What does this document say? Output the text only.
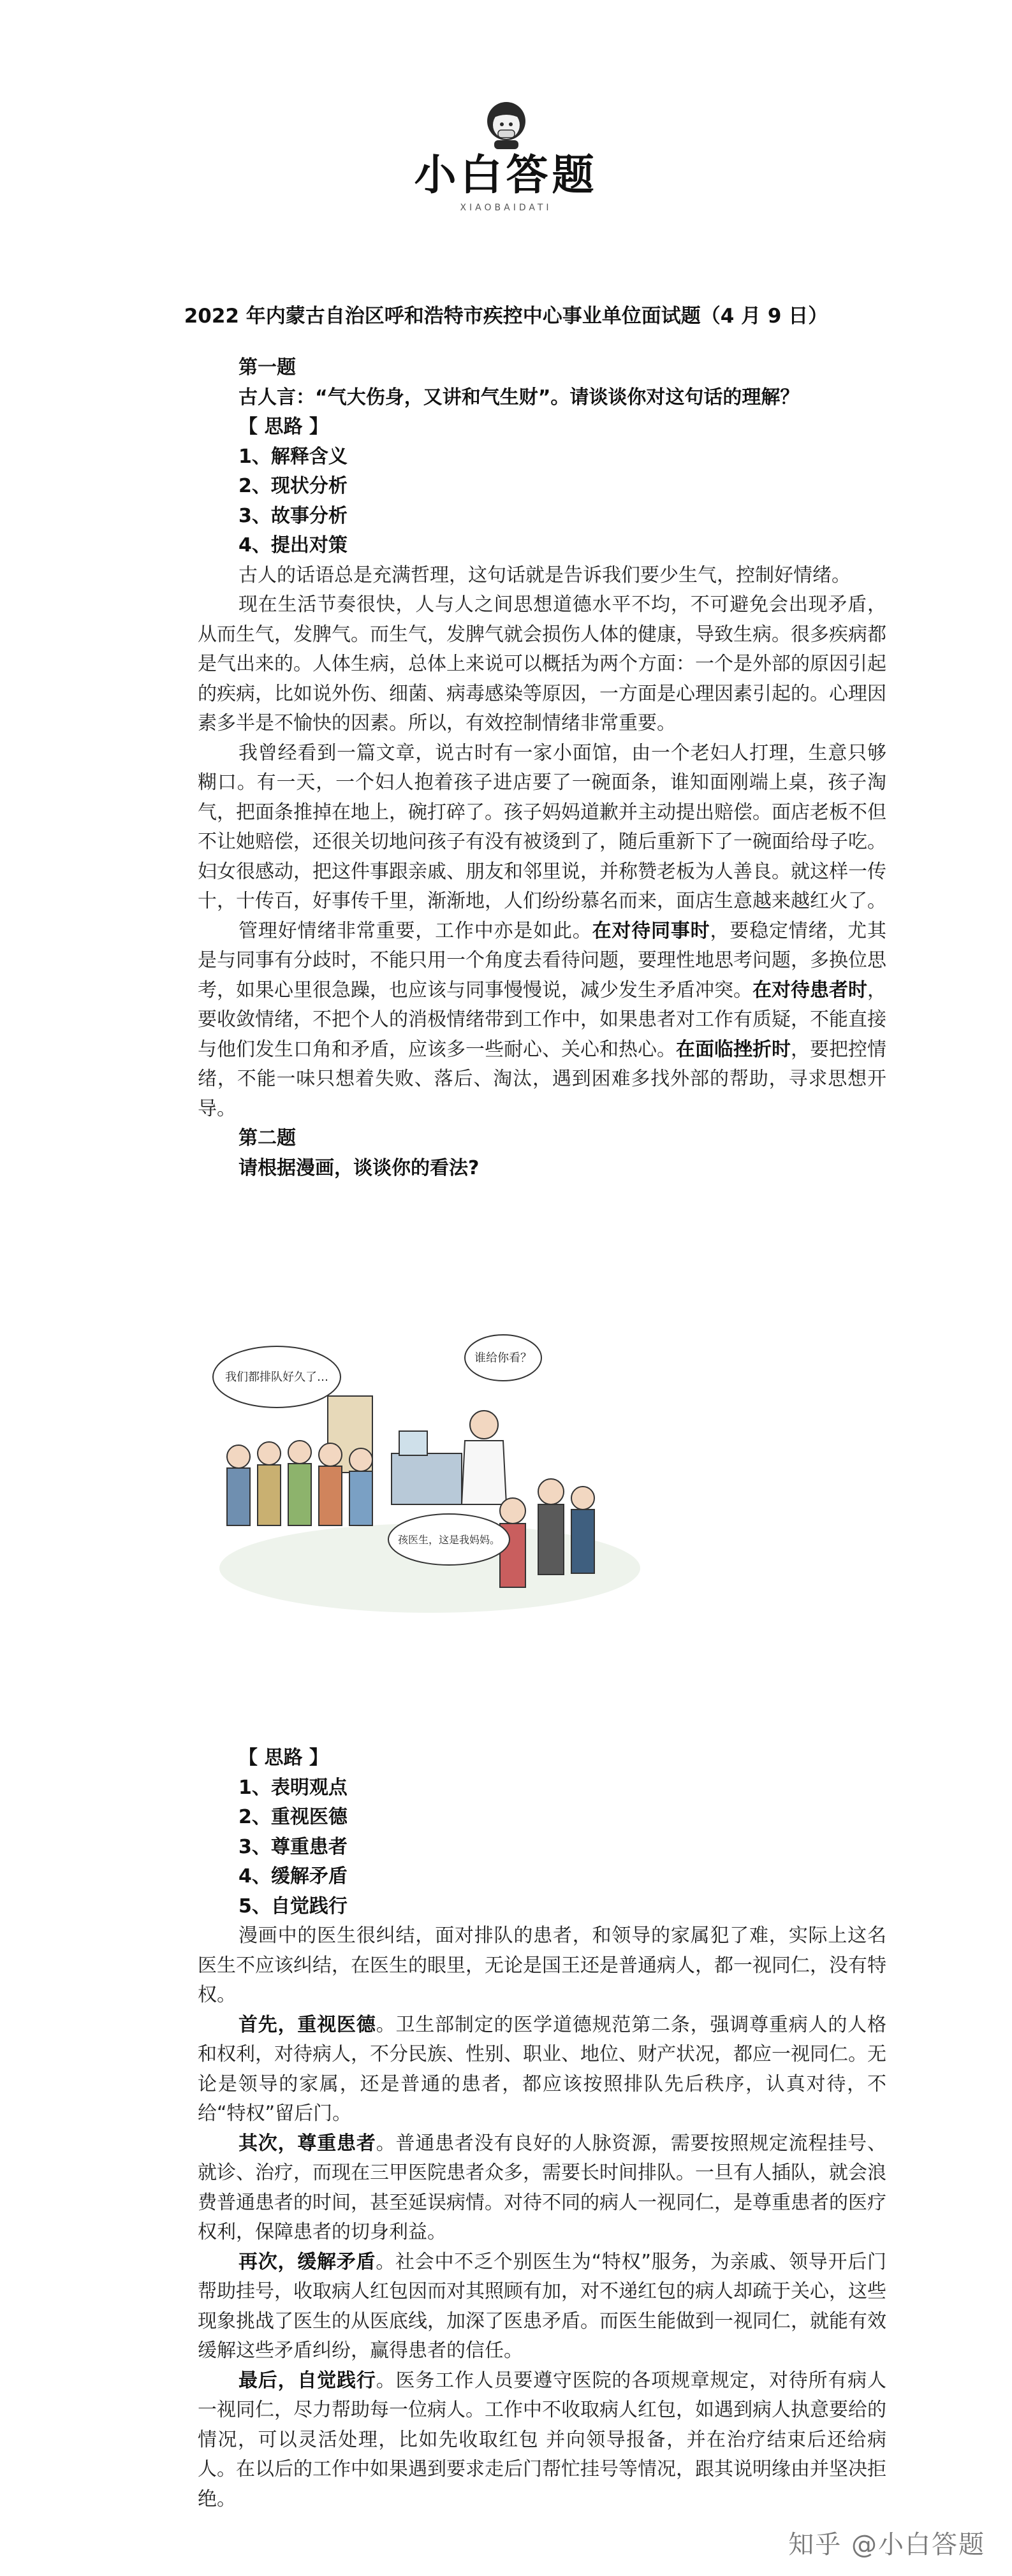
小白答题
XIAOBAIDATI
2022 年内蒙古自治区呼和浩特市疾控中心事业单位面试题（4 月 9 日）

第一题

古人言：“气大伤身，又讲和气生财”。请谈谈你对这句话的理解？

【 思路 】

1、解释含义

2、现状分析

3、故事分析

4、提出对策

古人的话语总是充满哲理，这句话就是告诉我们要少生气，控制好情绪。

现在生活节奏很快，人与人之间思想道德水平不均，不可避免会出现矛盾，从而生气，发脾气。而生气，发脾气就会损伤人体的健康，导致生病。很多疾病都是气出来的。人体生病，总体上来说可以概括为两个方面：一个是外部的原因引起的疾病，比如说外伤、细菌、病毒感染等原因，一方面是心理因素引起的。心理因素多半是不愉快的因素。所以，有效控制情绪非常重要。

我曾经看到一篇文章，说古时有一家小面馆，由一个老妇人打理，生意只够糊口。有一天，一个妇人抱着孩子进店要了一碗面条，谁知面刚端上桌，孩子淘气，把面条推掉在地上，碗打碎了。孩子妈妈道歉并主动提出赔偿。面店老板不但不让她赔偿，还很关切地问孩子有没有被烫到了，随后重新下了一碗面给母子吃。妇女很感动，把这件事跟亲戚、朋友和邻里说，并称赞老板为人善良。就这样一传十，十传百，好事传千里，渐渐地，人们纷纷慕名而来，面店生意越来越红火了。

管理好情绪非常重要，工作中亦是如此。在对待同事时，要稳定情绪，尤其是与同事有分歧时，不能只用一个角度去看待问题，要理性地思考问题，多换位思考，如果心里很急躁，也应该与同事慢慢说，减少发生矛盾冲突。在对待患者时，要收敛情绪，不把个人的消极情绪带到工作中，如果患者对工作有质疑，不能直接与他们发生口角和矛盾，应该多一些耐心、关心和热心。在面临挫折时，要把控情绪，不能一味只想着失败、落后、淘汰，遇到困难多找外部的帮助，寻求思想开导。

第二题

请根据漫画，谈谈你的看法?

我们都排队好久了…
谁给你看？
孩医生，这是我妈妈。

【 思路 】

1、表明观点

2、重视医德

3、尊重患者

4、缓解矛盾

5、自觉践行

漫画中的医生很纠结，面对排队的患者，和领导的家属犯了难，实际上这名医生不应该纠结，在医生的眼里，无论是国王还是普通病人，都一视同仁，没有特权。

首先，重视医德。卫生部制定的医学道德规范第二条，强调尊重病人的人格和权利，对待病人，不分民族、性别、职业、地位、财产状况，都应一视同仁。无论是领导的家属，还是普通的患者，都应该按照排队先后秩序，认真对待，不给“特权”留后门。

其次，尊重患者。普通患者没有良好的人脉资源，需要按照规定流程挂号、就诊、治疗，而现在三甲医院患者众多，需要长时间排队。一旦有人插队，就会浪费普通患者的时间，甚至延误病情。对待不同的病人一视同仁，是尊重患者的医疗权利，保障患者的切身利益。

再次，缓解矛盾。社会中不乏个别医生为“特权”服务，为亲戚、领导开后门帮助挂号，收取病人红包因而对其照顾有加，对不递红包的病人却疏于关心，这些现象挑战了医生的从医底线，加深了医患矛盾。而医生能做到一视同仁，就能有效缓解这些矛盾纠纷，赢得患者的信任。

最后，自觉践行。医务工作人员要遵守医院的各项规章规定，对待所有病人一视同仁，尽力帮助每一位病人。工作中不收取病人红包，如遇到病人执意要给的情况，可以灵活处理，比如先收取红包 并向领导报备，并在治疗结束后还给病人。在以后的工作中如果遇到要求走后门帮忙挂号等情况，跟其说明缘由并坚决拒绝。

知乎 @小白答题
